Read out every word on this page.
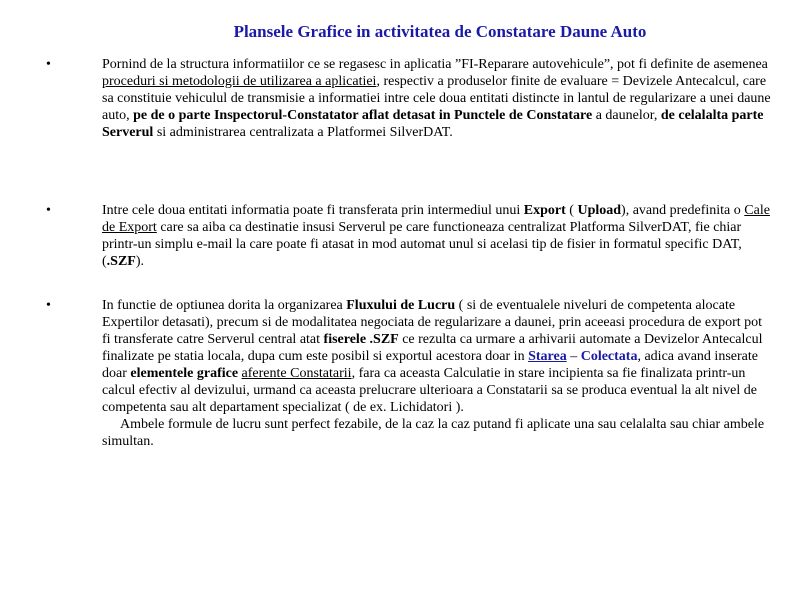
Plansele Grafice in activitatea de Constatare Daune Auto
•	Pornind de la structura informatiilor ce se regasesc in aplicatia ”FI-Reparare autovehicule”, pot fi definite de asemenea proceduri si metodologii de utilizarea a aplicatiei, respectiv a produselor finite de evaluare = Devizele Antecalcul, care sa constituie vehiculul de transmisie a informatiei intre cele doua entitati distincte in lantul de regularizare a unei daune auto, pe de o parte Inspectorul-Constatator aflat detasat in Punctele de Constatare a daunelor, de celalalta parte Serverul si administrarea centralizata a Platformei SilverDAT.
•	Intre cele doua entitati informatia poate fi transferata prin intermediul unui Export ( Upload), avand predefinita o Cale de Export care sa aiba ca destinatie insusi Serverul pe care functioneaza centralizat Platforma SilverDAT, fie chiar printr-un simplu e-mail la care poate fi atasat in mod automat unul si acelasi tip de fisier in formatul specific DAT, (.SZF).
•	In functie de optiunea dorita la organizarea Fluxului de Lucru ( si de eventualele niveluri de competenta alocate Expertilor detasati), precum si de modalitatea negociata de regularizare a daunei, prin aceeasi procedura de export pot fi transferate catre Serverul central atat fiserele .SZF ce rezulta ca urmare a arhivarii automate a Devizelor Antecalcul finalizate pe statia locala, dupa cum este posibil si exportul acestora doar in Starea – Colectata, adica avand inserate doar elementele grafice aferente Constatarii, fara ca aceasta Calculatie in stare incipienta sa fie finalizata printr-un calcul efectiv al devizului, urmand ca aceasta prelucrare ulterioara a Constatarii sa se produca eventual la alt nivel de competenta sau alt departament specializat ( de ex. Lichidatori ).
Ambele formule de lucru sunt perfect fezabile, de la caz la caz putand fi aplicate una sau celalalta sau chiar ambele simultan.
